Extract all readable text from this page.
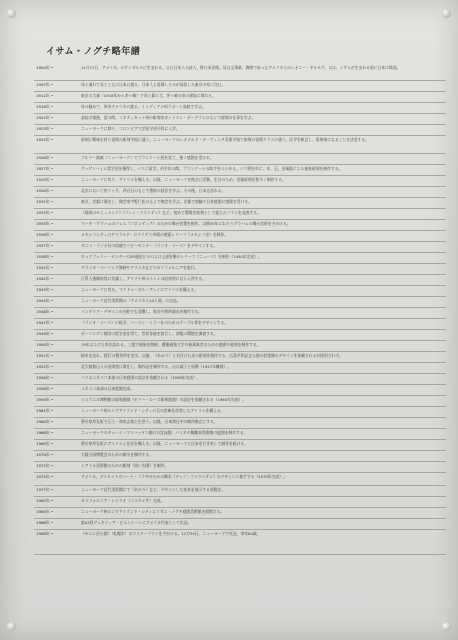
イサム・ノグチ略年譜
1904年 •	11月17日、アメリカ、ロサンゼルスに生まれる。父は日本人の詩人、野口米次郎。母は文筆業、教師であったアメリカ人のレオニー・ギルモア。父は、イサムが生まれる前に日本に帰国。
1907年 •	母と連れて母とともに日本に渡る。日本人と再婚した父が同居した東京の家に住む。
1912年 •	東京の大森（1918年から茅ヶ崎）で母と暮らす。茅ヶ崎の家の建設に関わる。
1918年 •	母の勧めで、単身アメリカに渡る。インディアナ州ラポート高校で学ぶ。
1922年 •	高校卒業後、夏の間、コネティカット州の彫刻家ガットスン・ボーグラムのもとで彫刻の仕事を学ぶ。
1923年 •	ニューヨークに移り、コロンビア大学医学部予科に入学。
1924年 •	彫刻に興味を持ち夜間の彫刻学校に通う。ニューヨークのレオナルド・ダ・ヴィンチ美術学校で彫刻の夜間クラスに通う。医学を断念し、彫刻家になることを決意する。
1926年 •	ブルマー画廊（ニューヨーク）でブランクーシ展を見て、強く感銘を受ける。
1927年 •	グッゲンハイム奨学金を獲得し、パリに留学。約半年の間、ブランクーシの助手をつとめる。パリ滞在中に、木、石、金属板による抽象彫刻を制作する。
1929年 •	ニューヨークに戻り、アトリエを構える。以後、ニューヨークを拠点に活動。生計のため、肖像彫刻を数多く制作する。
1930年 •	北京において約７ヶ月、斉白石のもとで墨絵の技法を学ぶ。その後、日本を訪れる。
1931年 •	東京、京都に滞在し、陶芸家宇野仁松のもとで陶芸を学ぶ。京都で埴輪や日本庭園に感銘を受ける。
1933年 •	《地球のモニュメント》《プレイ・マウンテン》など、初めて環境を彫刻として捉えたプランを発表する。
1935年 •	マーサ・グラハムのバレエ《フロンティア》のための舞台装置を制作。以後30年にわたりグラハムの舞台美術を手がける。
1936年 •	メキシコシティのアベラルド・ロドリゲス市場の壁面レリーフ《メキシコ史》を制作。
1937年 •	ゼニス・ラジオ社の依頼でベビーモニター《ラジオ・ナース》をデザインする。
1938年 •	ロックフェラー・センターのAP通信ビルの入口上部を飾るレリーフ《ニュース》を制作（1940年完成）。
1941年 •	アラスカ・ベーリング海峡やアラスカなどのカリフォルニアを旅行。
1942年 •	日系人強制収容に抗議し、アリゾナ州ポストンの収容所に自ら入所する。
1943年 •	ニューヨークに戻る。マクドゥーガル・アレイにアトリエを構える。
1944年 •	ニューヨーク近代美術館の「アメリカ人14人展」に出品。
1946年 •	インテリア・デザインの分野でも活躍し、家具や照明器具を制作する。
1947年 •	《ラジオ・ナース》に続き、ハーマン・ミラー社のためのテーブル等をデザインする。
1949年 •	ボーリンゲン財団の奨学金を得て、世界各地を旅行し、余暇の環境を調査する。
1950年 •	19年ぶりに日本を訪れる。三越で個展を開催。慶應義塾大学の新萬來舎のための庭園や彫刻を制作する。
1951年 •	岐阜を訪れ、提灯の製作所を見学。以後、《あかり》と名付けた光の彫刻を制作する。広島平和記念公園の慰霊碑のデザインを依頼されるが採用されず。
1952年 •	北大路魯山人の星岡窯に滞在し、陶作品を制作する。山口淑子と結婚（1957年離婚）。
1956年 •	パリのユネスコ本部の日本庭園の設計を依頼される（1958年完成）。
1958年 •	ユネスコ本部の日本庭園完成。
1959年 •	イスラエル博物館の彫刻庭園《ビリー・ローズ彫刻庭園》の設計を依頼される（1965年完成）。
1961年 •	ニューヨーク州ロングアイランド・シティに石の倉庫を改装したアトリエを構える。
1964年 •	香川県牟礼町で石工・和泉正敏と出会う。以後、日本滞在中の制作拠点とする。
1966年 •	ニューヨークのチェース・マンハッタン銀行の沈床園、バイネキ稀覯本図書館の庭園を制作する。
1969年 •	香川県牟礼町にアトリエと住居を構える。以後、ニューヨークと日本を行き来して制作を続ける。
1970年 •	大阪万国博覧会のための噴水を制作する。
1972年 •	シアトル美術館のための彫刻《黒い太陽》を制作。
1975年 •	アメリカ、デトロイトのハート・プラザのための噴水《ドッジ・ファウンテン》のデザインに着手する（1979年完成）。
1977年 •	ニューヨーク近代美術館にて《あかり》など、デザインした家具を展示する展覧会。
1982年 •	カリフォルニア・シナリオ（コスタメサ）完成。
1985年 •	ニューヨーク州ロングアイランド・シティにイサム・ノグチ庭園美術館を開館する。
1986年 •	第42回ヴェネツィア・ビエンナーレにアメリカ代表として出品。
1988年 •	《モエレ沼公園》（札幌市）のマスタープランを手がける。12月30日、ニューヨークで死去。享年84歳。
